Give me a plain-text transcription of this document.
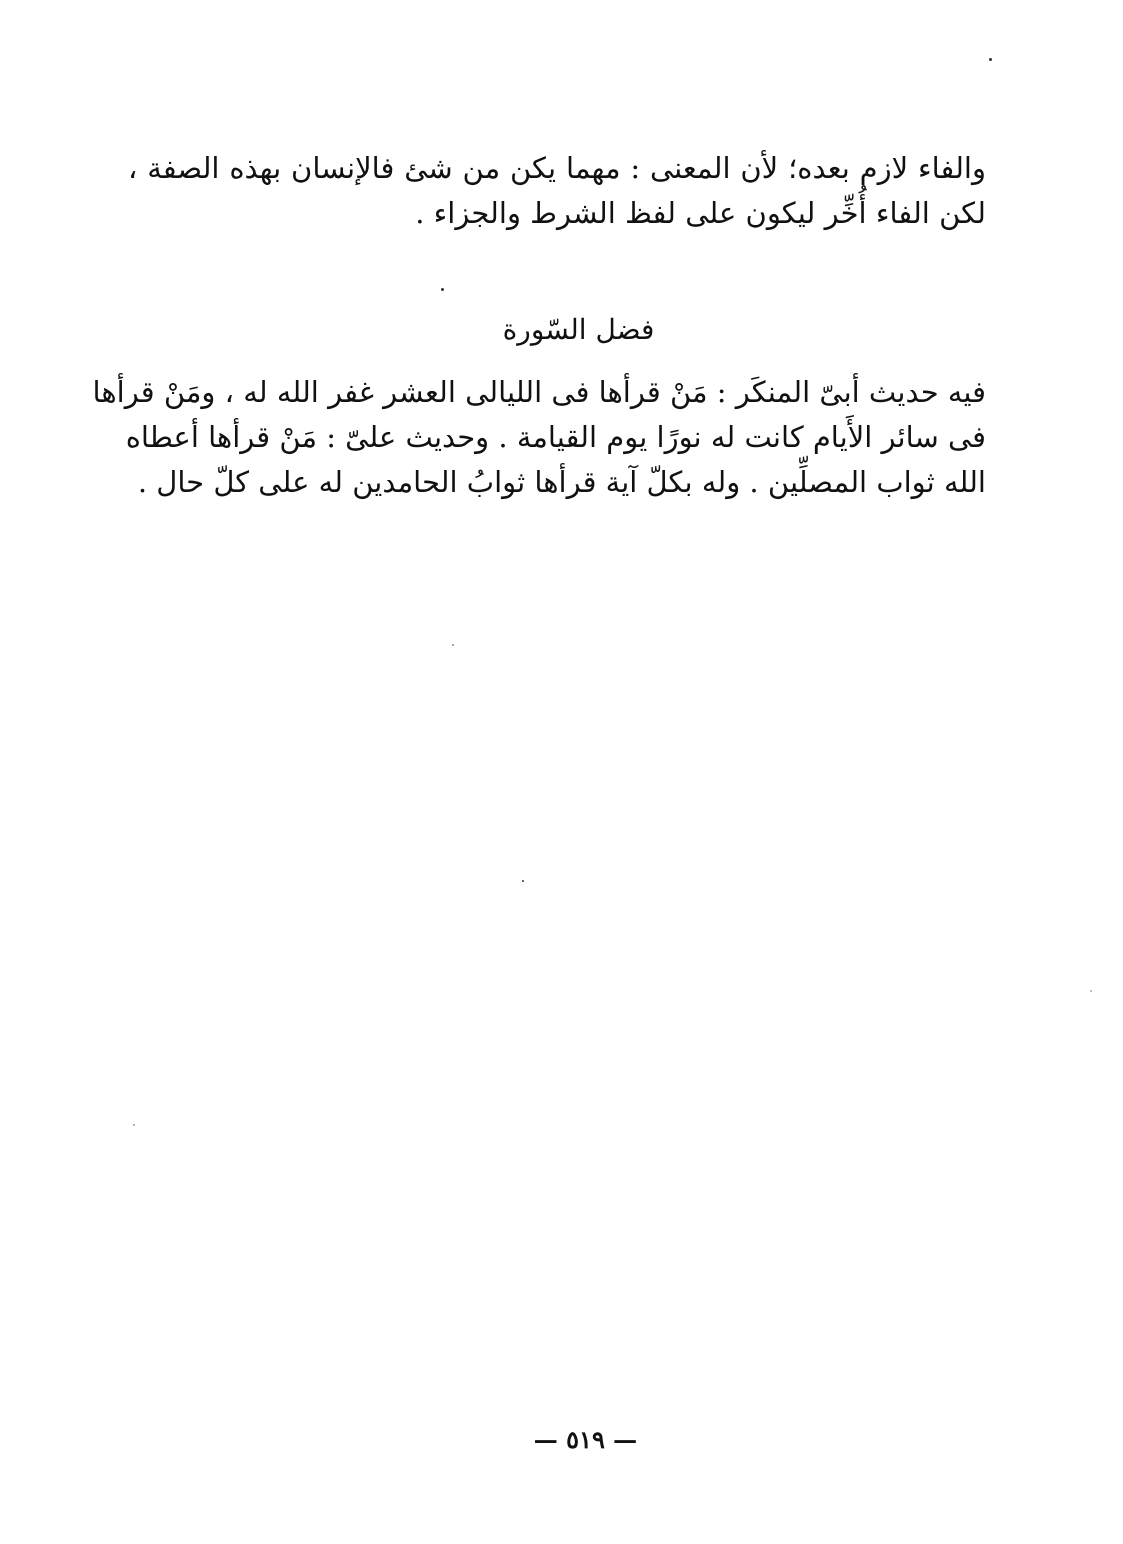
والفاء لازم بعده؛ لأن المعنى : مهما يكن من شئ فالإنسان بهذه الصفة ،
لكن الفاء أُخِّر ليكون على لفظ الشرط والجزاء .
فضل السّورة
فيه حديث أبىّ المنكَر : مَنْ قرأها فى الليالى العشر غفر الله له ، ومَنْ قرأها
فى سائر الأَيام كانت له نورًا يوم القيامة . وحديث علىّ : مَنْ قرأها أعطاه
الله ثواب المصلِّين . وله بكلّ آية قرأها ثوابُ الحامدين له على كلّ حال .
— ٥١٩ —
